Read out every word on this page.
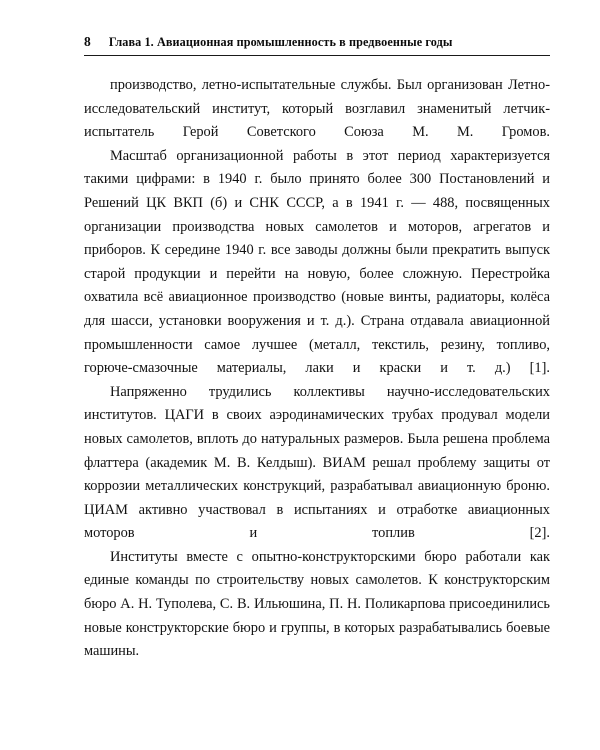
8 Глава 1. Авиационная промышленность в предвоенные годы

производство, летно-испытательные службы. Был организован Летно-исследовательский институт, который возглавил знаменитый летчик-испытатель Герой Советского Союза М. М. Громов.

Масштаб организационной работы в этот период характеризуется такими цифрами: в 1940 г. было принято более 300 Постановлений и Решений ЦК ВКП (б) и СНК СССР, а в 1941 г. — 488, посвященных организации производства новых самолетов и моторов, агрегатов и приборов. К середине 1940 г. все заводы должны были прекратить выпуск старой продукции и перейти на новую, более сложную. Перестройка охватила всё авиационное производство (новые винты, радиаторы, колёса для шасси, установки вооружения и т. д.). Страна отдавала авиационной промышленности самое лучшее (металл, текстиль, резину, топливо, горюче-смазочные материалы, лаки и краски и т. д.) [1].

Напряженно трудились коллективы научно-исследовательских институтов. ЦАГИ в своих аэродинамических трубах продувал модели новых самолетов, вплоть до натуральных размеров. Была решена проблема флаттера (академик М. В. Келдыш). ВИАМ решал проблему защиты от коррозии металлических конструкций, разрабатывал авиационную броню. ЦИАМ активно участвовал в испытаниях и отработке авиационных моторов и топлив [2].

Институты вместе с опытно-конструкторскими бюро работали как единые команды по строительству новых самолетов. К конструкторским бюро А. Н. Туполева, С. В. Ильюшина, П. Н. Поликарпова присоединились новые конструкторские бюро и группы, в которых разрабатывались боевые машины.
